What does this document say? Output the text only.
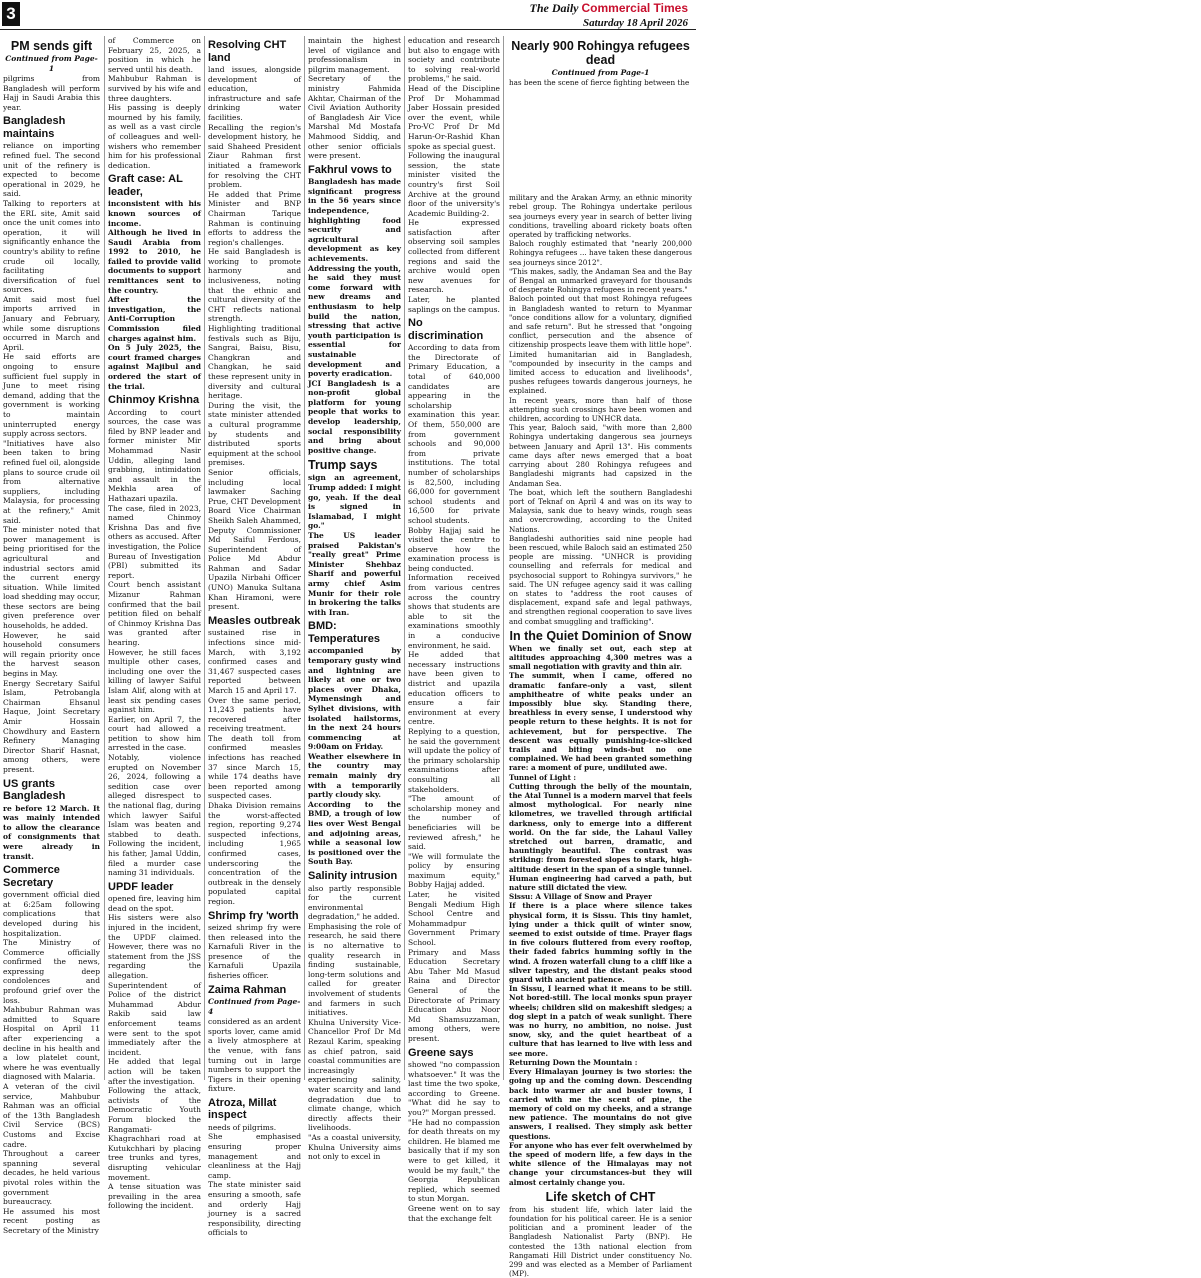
3	The Daily Commercial Times
Saturday 18 April 2026
PM sends gift
Continued from Page-1

pilgrims from Bangladesh will perform Hajj in Saudi Arabia this year.

Bangladesh maintains

reliance on importing refined fuel. The second unit of the refinery is expected to become operational in 2029, he said.

Talking to reporters at the ERL site, Amit said once the unit comes into operation, it will significantly enhance the country's ability to refine crude oil locally, facilitating diversification of fuel sources.

Amit said most fuel imports arrived in January and February, while some disruptions occurred in March and April.

He said efforts are ongoing to ensure sufficient fuel supply in June to meet rising demand, adding that the government is working to maintain uninterrupted energy supply across sectors.

"Initiatives have also been taken to bring refined fuel oil, alongside plans to source crude oil from alternative suppliers, including Malaysia, for processing at the refinery," Amit said.

The minister noted that power management is being prioritised for the agricultural and industrial sectors amid the current energy situation. While limited load shedding may occur, these sectors are being given preference over households, he added.

However, he said household consumers will regain priority once the harvest season begins in May.

Energy Secretary Saiful Islam, Petrobangla Chairman Ehsanul Haque, Joint Secretary Amir Hossain Chowdhury and Eastern Refinery Managing Director Sharif Hasnat, among others, were present.

US grants Bangladesh

re before 12 March. It was mainly intended to allow the clearance of consignments that were already in transit.

Commerce Secretary

government official died at 6:25am following complications that developed during his hospitalization.

The Ministry of Commerce officially confirmed the news, expressing deep condolences and profound grief over the loss.

Mahbubur Rahman was admitted to Square Hospital on April 11 after experiencing a decline in his health and a low platelet count, where he was eventually diagnosed with Malaria.

A veteran of the civil service, Mahbubur Rahman was an official of the 13th Bangladesh Civil Service (BCS) Customs and Excise cadre.

Throughout a career spanning several decades, he held various pivotal roles within the government bureaucracy.

He assumed his most recent posting as Secretary of the Ministry

of Commerce on February 25, 2025, a position in which he served until his death.

Mahbubur Rahman is survived by his wife and three daughters.

His passing is deeply mourned by his family, as well as a vast circle of colleagues and well-wishers who remember him for his professional dedication.

Graft case: AL leader,

inconsistent with his known sources of income.

Although he lived in Saudi Arabia from 1992 to 2010, he failed to provide valid documents to support remittances sent to the country.

After the investigation, the Anti-Corruption Commission filed charges against him.

On 5 July 2025, the court framed charges against Majibul and ordered the start of the trial.

Chinmoy Krishna

According to court sources, the case was filed by BNP leader and former minister Mir Mohammad Nasir Uddin, alleging land grabbing, intimidation and assault in the Mekhla area of Hathazari upazila.

The case, filed in 2023, named Chinmoy Krishna Das and five others as accused. After investigation, the Police Bureau of Investigation (PBI) submitted its report.

Court bench assistant Mizanur Rahman confirmed that the bail petition filed on behalf of Chinmoy Krishna Das was granted after hearing.

However, he still faces multiple other cases, including one over the killing of lawyer Saiful Islam Alif, along with at least six pending cases against him.

Earlier, on April 7, the court had allowed a petition to show him arrested in the case.

Notably, violence erupted on November 26, 2024, following a sedition case over alleged disrespect to the national flag, during which lawyer Saiful Islam was beaten and stabbed to death. Following the incident, his father, Jamal Uddin, filed a murder case naming 31 individuals.

UPDF leader

opened fire, leaving him dead on the spot.

His sisters were also injured in the incident, the UPDF claimed. However, there was no statement from the JSS regarding the allegation.

Superintendent of Police of the district Muhammad Abdur Rakib said law enforcement teams were sent to the spot immediately after the incident.

He added that legal action will be taken after the investigation.

Following the attack, activists of the Democratic Youth Forum blocked the Rangamati-Khagrachhari road at Kutukchhari by placing tree trunks and tyres, disrupting vehicular movement.

A tense situation was prevailing in the area following the incident.

Resolving CHT land

land issues, alongside development of education, infrastructure and safe drinking water facilities.

Recalling the region's development history, he said Shaheed President Ziaur Rahman first initiated a framework for resolving the CHT problem.

He added that Prime Minister and BNP Chairman Tarique Rahman is continuing efforts to address the region's challenges.

He said Bangladesh is working to promote harmony and inclusiveness, noting that the ethnic and cultural diversity of the CHT reflects national strength.

Highlighting traditional festivals such as Biju, Sangrai, Baisu, Bisu, Changkran and Changkan, he said these represent unity in diversity and cultural heritage.

During the visit, the state minister attended a cultural programme by students and distributed sports equipment at the school premises.

Senior officials, including local lawmaker Saching Prue, CHT Development Board Vice Chairman Sheikh Saleh Ahammed, Deputy Commissioner Md Saiful Ferdous, Superintendent of Police Md Abdur Rahman and Sadar Upazila Nirbahi Officer (UNO) Manuka Sultana Khan Hiramoni, were present.

Measles outbreak

sustained rise in infections since mid-March, with 3,192 confirmed cases and 31,467 suspected cases reported between March 15 and April 17.

Over the same period, 11,243 patients have recovered after receiving treatment.

The death toll from confirmed measles infections has reached 37 since March 15, while 174 deaths have been reported among suspected cases.

Dhaka Division remains the worst-affected region, reporting 9,274 suspected infections, including 1,965 confirmed cases, underscoring the concentration of the outbreak in the densely populated capital region.

Shrimp fry 'worth

seized shrimp fry were then released into the Karnafuli River in the presence of the Karnafuli Upazila fisheries officer.

Zaima Rahman
Continued from Page-4

considered as an ardent sports lover, came amid a lively atmosphere at the venue, with fans turning out in large numbers to support the Tigers in their opening fixture.

Atroza, Millat inspect

needs of pilgrims.

She emphasised ensuring proper management and cleanliness at the Hajj camp.

The state minister said ensuring a smooth, safe and orderly Hajj journey is a sacred responsibility, directing officials to

maintain the highest level of vigilance and professionalism in pilgrim management.

Secretary of the ministry Fahmida Akhtar, Chairman of the Civil Aviation Authority of Bangladesh Air Vice Marshal Md Mostafa Mahmood Siddiq, and other senior officials were present.

Fakhrul vows to

Bangladesh has made significant progress in the 56 years since independence, highlighting food security and agricultural development as key achievements.

Addressing the youth, he said they must come forward with new dreams and enthusiasm to help build the nation, stressing that active youth participation is essential for sustainable development and poverty eradication.

JCI Bangladesh is a non-profit global platform for young people that works to develop leadership, social responsibility and bring about positive change.

Trump says

sign an agreement, Trump added: I might go, yeah. If the deal is signed in Islamabad, I might go."

The US leader praised Pakistan's "really great" Prime Minister Shehbaz Sharif and powerful army chief Asim Munir for their role in brokering the talks with Iran.

BMD: Temperatures

accompanied by temporary gusty wind and lightning are likely at one or two places over Dhaka, Mymensingh and Sylhet divisions, with isolated hailstorms, in the next 24 hours commencing at 9:00am on Friday.

Weather elsewhere in the country may remain mainly dry with a temporarily partly cloudy sky.

According to the BMD, a trough of low lies over West Bengal and adjoining areas, while a seasonal low is positioned over the South Bay.

Salinity intrusion

also partly responsible for the current environmental degradation," he added.

Emphasising the role of research, he said there is no alternative to quality research in finding sustainable, long-term solutions and called for greater involvement of students and farmers in such initiatives.

Khulna University Vice-Chancellor Prof Dr Md Rezaul Karim, speaking as chief patron, said coastal communities are increasingly experiencing salinity, water scarcity and land degradation due to climate change, which directly affects their livelihoods.

"As a coastal university, Khulna University aims not only to excel in

education and research but also to engage with society and contribute to solving real-world problems," he said.

Head of the Discipline Prof Dr Mohammad Jaber Hossain presided over the event, while Pro-VC Prof Dr Md Harun-Or-Rashid Khan spoke as special guest.

Following the inaugural session, the state minister visited the country's first Soil Archive at the ground floor of the university's Academic Building-2.

He expressed satisfaction after observing soil samples collected from different regions and said the archive would open new avenues for research.

Later, he planted saplings on the campus.

No discrimination

According to data from the Directorate of Primary Education, a total of 640,000 candidates are appearing in the scholarship examination this year. Of them, 550,000 are from government schools and 90,000 from private institutions. The total number of scholarships is 82,500, including 66,000 for government school students and 16,500 for private school students.

Bobby Hajjaj said he visited the centre to observe how the examination process is being conducted.

Information received from various centres across the country shows that students are able to sit the examinations smoothly in a conducive environment, he said.

He added that necessary instructions have been given to district and upazila education officers to ensure a fair environment at every centre.

Replying to a question, he said the government will update the policy of the primary scholarship examinations after consulting all stakeholders.

"The amount of scholarship money and the number of beneficiaries will be reviewed afresh," he said.

"We will formulate the policy by ensuring maximum equity," Bobby Hajjaj added.

Later, he visited Bengali Medium High School Centre and Mohammadpur Government Primary School.

Primary and Mass Education Secretary Abu Taher Md Masud Raina and Director General of the Directorate of Primary Education Abu Noor Md Shamsuzzaman, among others, were present.

Greene says

showed "no compassion whatsoever." It was the last time the two spoke, according to Greene. "What did he say to you?" Morgan pressed.

"He had no compassion for death threats on my children. He blamed me basically that if my son were to get killed, it would be my fault," the Georgia Republican replied, which seemed to stun Morgan.

Greene went on to say that the exchange felt

Nearly 900 Rohingya refugees dead
Continued from Page-1

has been the scene of fierce fighting between the

military and the Arakan Army, an ethnic minority rebel group. The Rohingya undertake perilous sea journeys every year in search of better living conditions, travelling aboard rickety boats often operated by trafficking networks.

Baloch roughly estimated that "nearly 200,000 Rohingya refugees ... have taken these dangerous sea journeys since 2012".

"This makes, sadly, the Andaman Sea and the Bay of Bengal an unmarked graveyard for thousands of desperate Rohingya refugees in recent years."

Baloch pointed out that most Rohingya refugees in Bangladesh wanted to return to Myanmar "once conditions allow for a voluntary, dignified and safe return". But he stressed that "ongoing conflict, persecution and the absence of citizenship prospects leave them with little hope".

Limited humanitarian aid in Bangladesh, "compounded by insecurity in the camps and limited access to education and livelihoods", pushes refugees towards dangerous journeys, he explained.

In recent years, more than half of those attempting such crossings have been women and children, according to UNHCR data.

This year, Baloch said, "with more than 2,800 Rohingya undertaking dangerous sea journeys between January and April 13". His comments came days after news emerged that a boat carrying about 280 Rohingya refugees and Bangladeshi migrants had capsized in the Andaman Sea.

The boat, which left the southern Bangladeshi port of Teknaf on April 4 and was on its way to Malaysia, sank due to heavy winds, rough seas and overcrowding, according to the United Nations.

Bangladeshi authorities said nine people had been rescued, while Baloch said an estimated 250 people are missing. "UNHCR is providing counselling and referrals for medical and psychosocial support to Rohingya survivors," he said. The UN refugee agency said it was calling on states to "address the root causes of displacement, expand safe and legal pathways, and strengthen regional cooperation to save lives and combat smuggling and trafficking".

In the Quiet Dominion of Snow

When we finally set out, each step at altitudes approaching 4,300 metres was a small negotiation with gravity and thin air.

The summit, when I came, offered no dramatic fanfare-only a vast, silent amphitheatre of white peaks under an impossibly blue sky. Standing there, breathless in every sense, I understood why people return to these heights. It is not for achievement, but for perspective. The descent was equally punishing-ice-slicked trails and biting winds-but no one complained. We had been granted something rare: a moment of pure, undiluted awe.

Tunnel of Light :

Cutting through the belly of the mountain, the Atal Tunnel is a modern marvel that feels almost mythological. For nearly nine kilometres, we travelled through artificial darkness, only to emerge into a different world. On the far side, the Lahaul Valley stretched out barren, dramatic, and hauntingly beautiful. The contrast was striking: from forested slopes to stark, high-altitude desert in the span of a single tunnel. Human engineering had carved a path, but nature still dictated the view.

Sissu: A Village of Snow and Prayer

If there is a place where silence takes physical form, it is Sissu. This tiny hamlet, lying under a thick quilt of winter snow, seemed to exist outside of time. Prayer flags in five colours fluttered from every rooftop, their faded fabrics humming softly in the wind. A frozen waterfall clung to a cliff like a silver tapestry, and the distant peaks stood guard with ancient patience.

In Sissu, I learned what it means to be still. Not bored-still. The local monks spun prayer wheels; children slid on makeshift sledges; a dog slept in a patch of weak sunlight. There was no hurry, no ambition, no noise. Just snow, sky, and the quiet heartbeat of a culture that has learned to live with less and see more.

Returning Down the Mountain :

Every Himalayan journey is two stories: the going up and the coming down. Descending back into warmer air and busier towns, I carried with me the scent of pine, the memory of cold on my cheeks, and a strange new patience. The mountains do not give answers, I realised. They simply ask better questions.

For anyone who has ever felt overwhelmed by the speed of modern life, a few days in the white silence of the Himalayas may not change your circumstances-but they will almost certainly change you.

Life sketch of CHT

from his student life, which later laid the foundation for his political career. He is a senior politician and a prominent leader of the Bangladesh Nationalist Party (BNP). He contested the 13th national election from Rangamati Hill District under constituency No. 299 and was elected as a Member of Parliament (MP).
